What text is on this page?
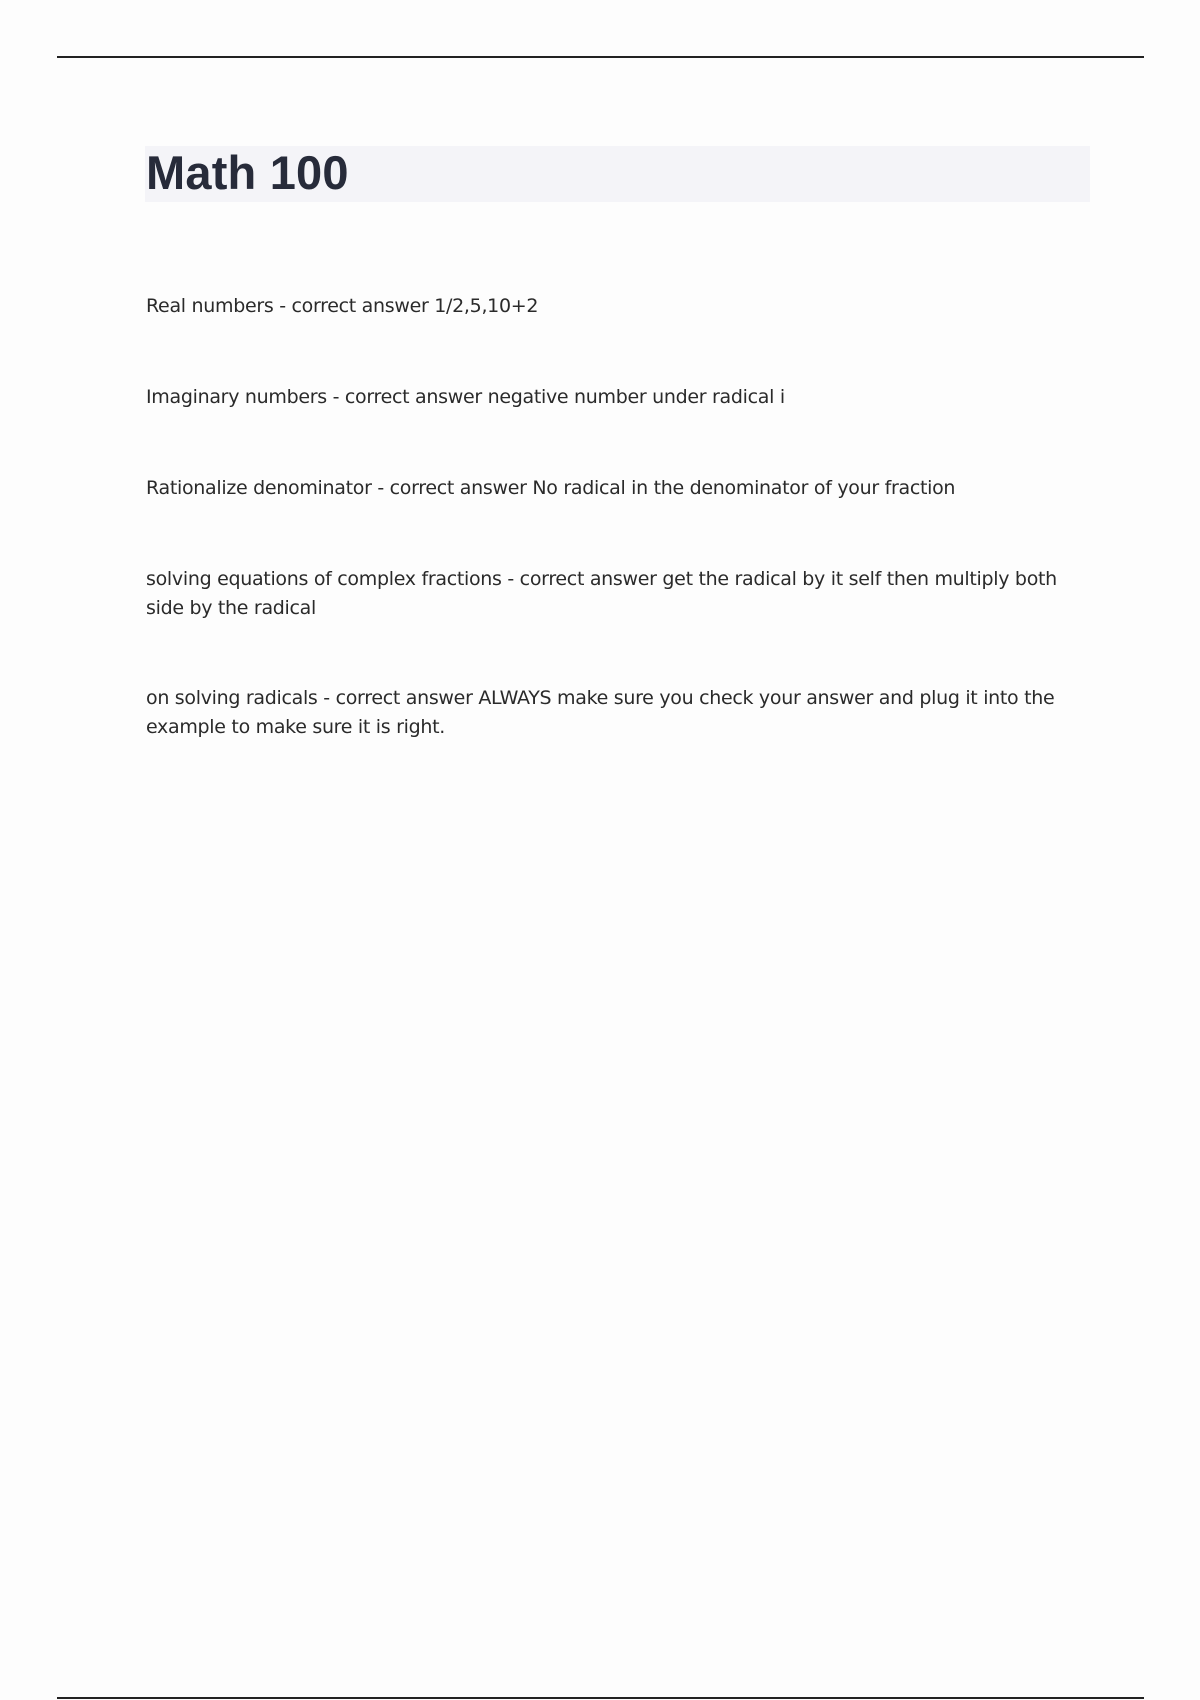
Math 100

Real numbers - correct answer 1/2,5,10+2

Imaginary numbers - correct answer negative number under radical i

Rationalize denominator - correct answer No radical in the denominator of your fraction

solving equations of complex fractions - correct answer get the radical by it self then multiply both side by the radical

on solving radicals - correct answer ALWAYS make sure you check your answer and plug it into the example to make sure it is right.
